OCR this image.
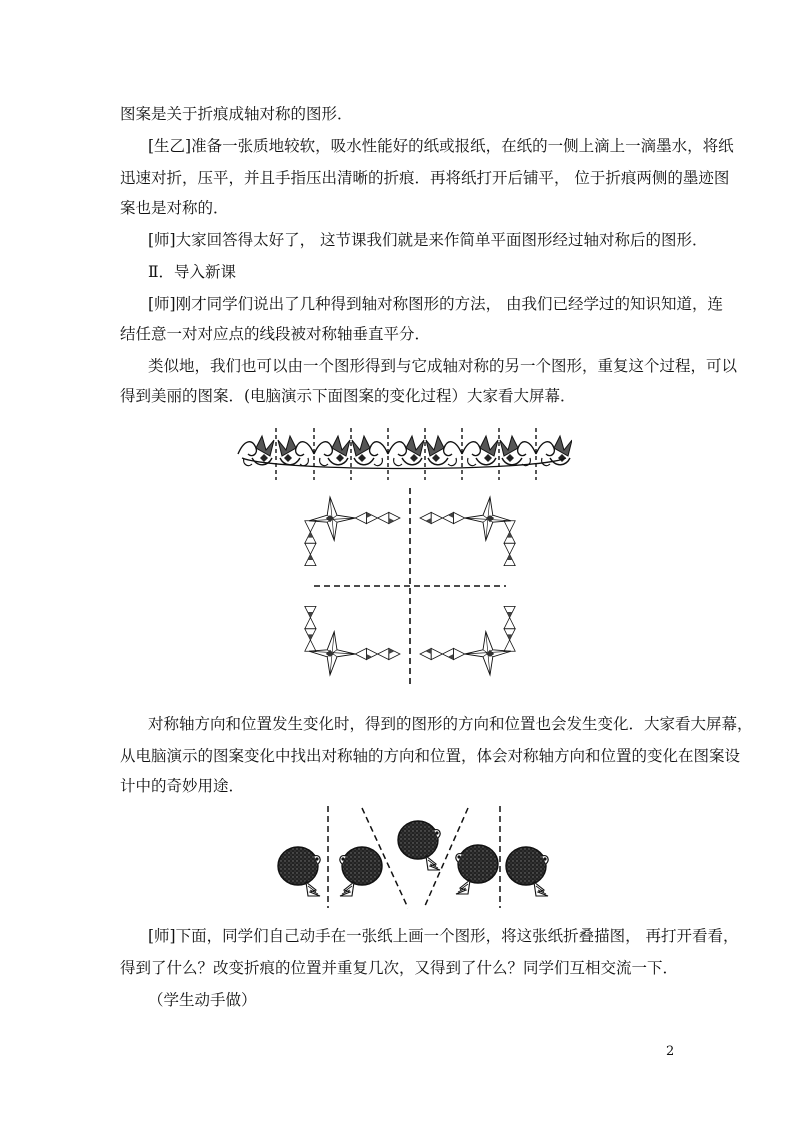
图案是关于折痕成轴对称的图形．
[生乙]准备一张质地较软，吸水性能好的纸或报纸，在纸的一侧上滴上一滴墨水，将纸
迅速对折，压平，并且手指压出清晰的折痕．再将纸打开后铺平， 位于折痕两侧的墨迹图
案也是对称的．
[师]大家回答得太好了， 这节课我们就是来作简单平面图形经过轴对称后的图形．
Ⅱ．导入新课
[师]刚才同学们说出了几种得到轴对称图形的方法， 由我们已经学过的知识知道，连
结任意一对对应点的线段被对称轴垂直平分．
类似地，我们也可以由一个图形得到与它成轴对称的另一个图形，重复这个过程，可以
得到美丽的图案．(电脑演示下面图案的变化过程）大家看大屏幕．
对称轴方向和位置发生变化时，得到的图形的方向和位置也会发生变化．大家看大屏幕，
从电脑演示的图案变化中找出对称轴的方向和位置，体会对称轴方向和位置的变化在图案设
计中的奇妙用途．
[师]下面，同学们自己动手在一张纸上画一个图形，将这张纸折叠描图， 再打开看看，
得到了什么？改变折痕的位置并重复几次，又得到了什么？同学们互相交流一下．
（学生动手做）
2
